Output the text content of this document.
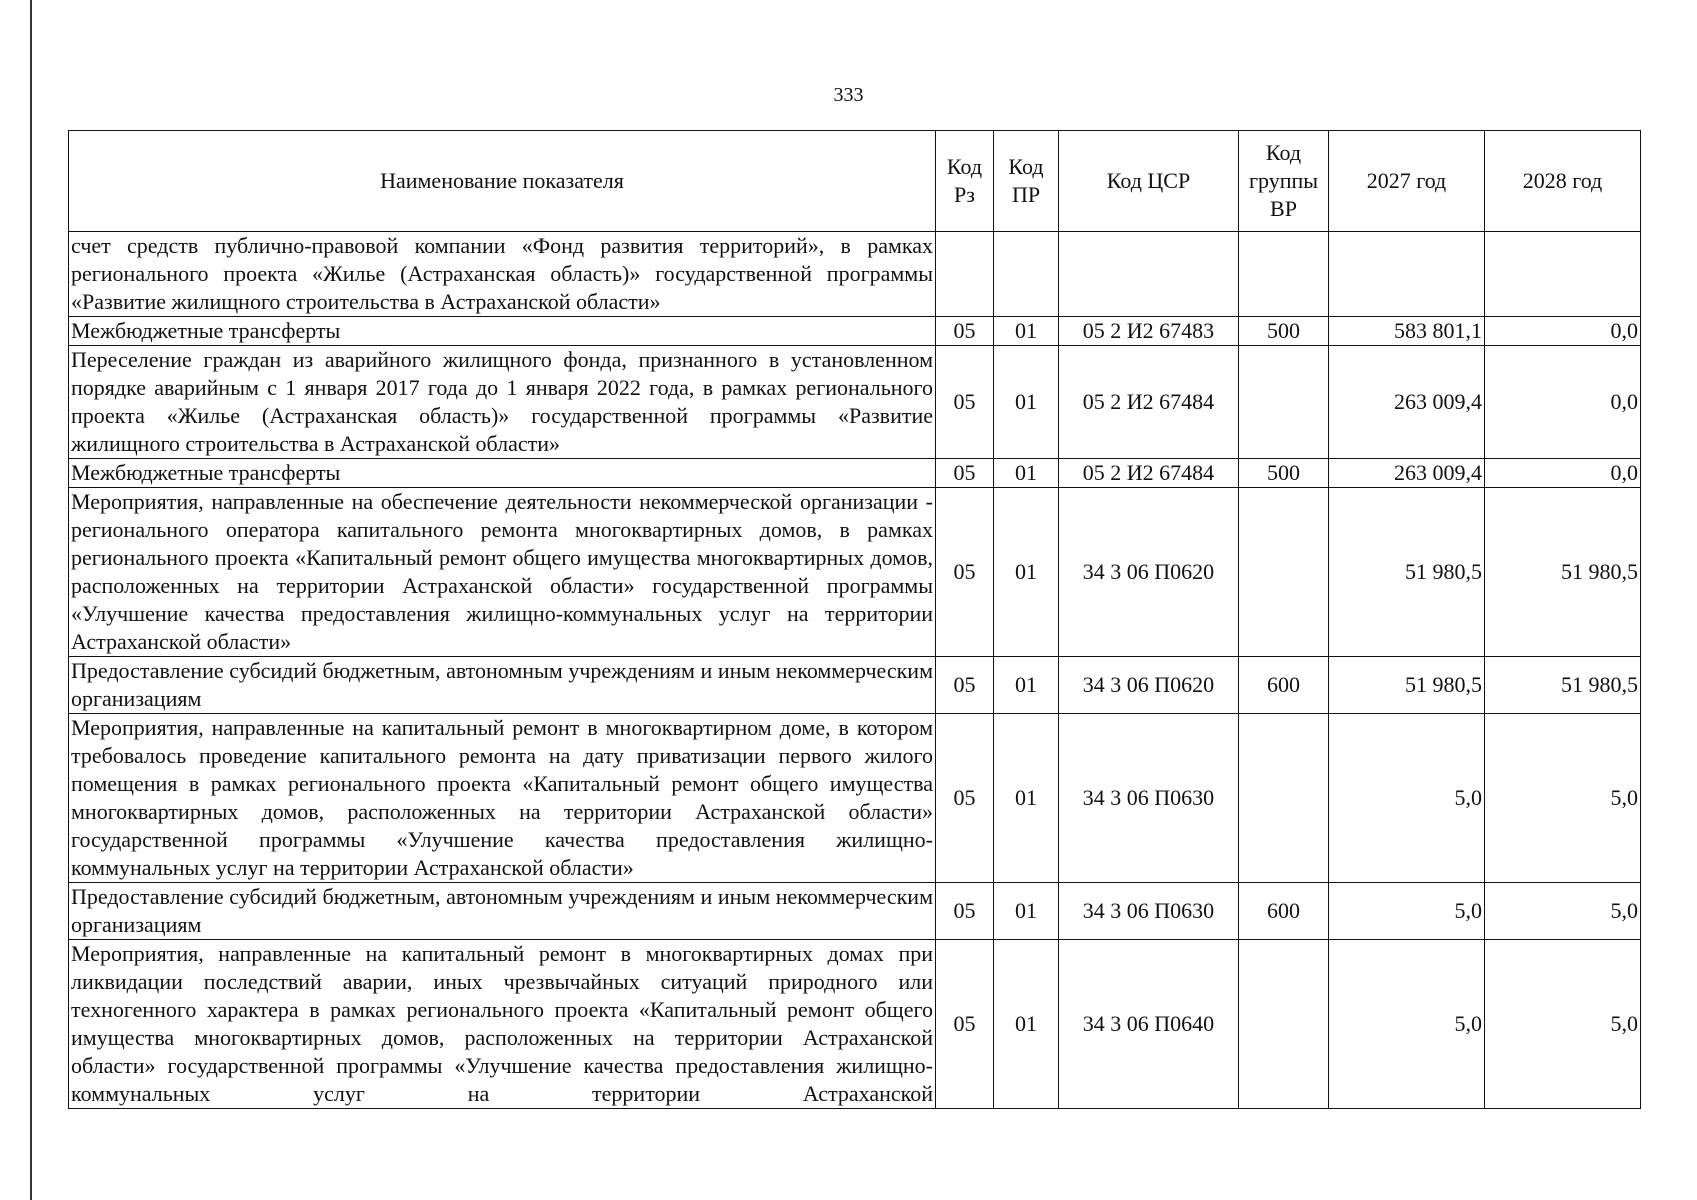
333
Наименование показателя	Код Рз	Код ПР	Код ЦСР	Код группы ВР	2027 год	2028 год
счет средств публично-правовой компании «Фонд развития территорий», в рамках регионального проекта «Жилье (Астраханская область)» государственной программы «Развитие жилищного строительства в Астраханской области»						
Межбюджетные трансферты	05	01	05 2 И2 67483	500	583 801,1	0,0
Переселение граждан из аварийного жилищного фонда, признанного в установленном порядке аварийным с 1 января 2017 года до 1 января 2022 года, в рамках регионального проекта «Жилье (Астраханская область)» государственной программы «Развитие жилищного строительства в Астраханской области»	05	01	05 2 И2 67484		263 009,4	0,0
Межбюджетные трансферты	05	01	05 2 И2 67484	500	263 009,4	0,0
Мероприятия, направленные на обеспечение деятельности некоммерческой организации - регионального оператора капитального ремонта многоквартирных домов, в рамках регионального проекта «Капитальный ремонт общего имущества многоквартирных домов, расположенных на территории Астраханской области» государственной программы «Улучшение качества предоставления жилищно-коммунальных услуг на территории Астраханской области»	05	01	34 3 06 П0620		51 980,5	51 980,5
Предоставление субсидий бюджетным, автономным учреждениям и иным некоммерческим организациям	05	01	34 3 06 П0620	600	51 980,5	51 980,5
Мероприятия, направленные на капитальный ремонт в многоквартирном доме, в котором требовалось проведение капитального ремонта на дату приватизации первого жилого помещения в рамках регионального проекта «Капитальный ремонт общего имущества многоквартирных домов, расположенных на территории Астраханской области» государственной программы «Улучшение качества предоставления жилищно-коммунальных услуг на территории Астраханской области»	05	01	34 3 06 П0630		5,0	5,0
Предоставление субсидий бюджетным, автономным учреждениям и иным некоммерческим организациям	05	01	34 3 06 П0630	600	5,0	5,0
Мероприятия, направленные на капитальный ремонт в многоквартирных домах при ликвидации последствий аварии, иных чрезвычайных ситуаций природного или техногенного характера в рамках регионального проекта «Капитальный ремонт общего имущества многоквартирных домов, расположенных на территории Астраханской области» государственной программы «Улучшение качества предоставления жилищно-коммунальных услуг на территории Астраханской	05	01	34 3 06 П0640		5,0	5,0
